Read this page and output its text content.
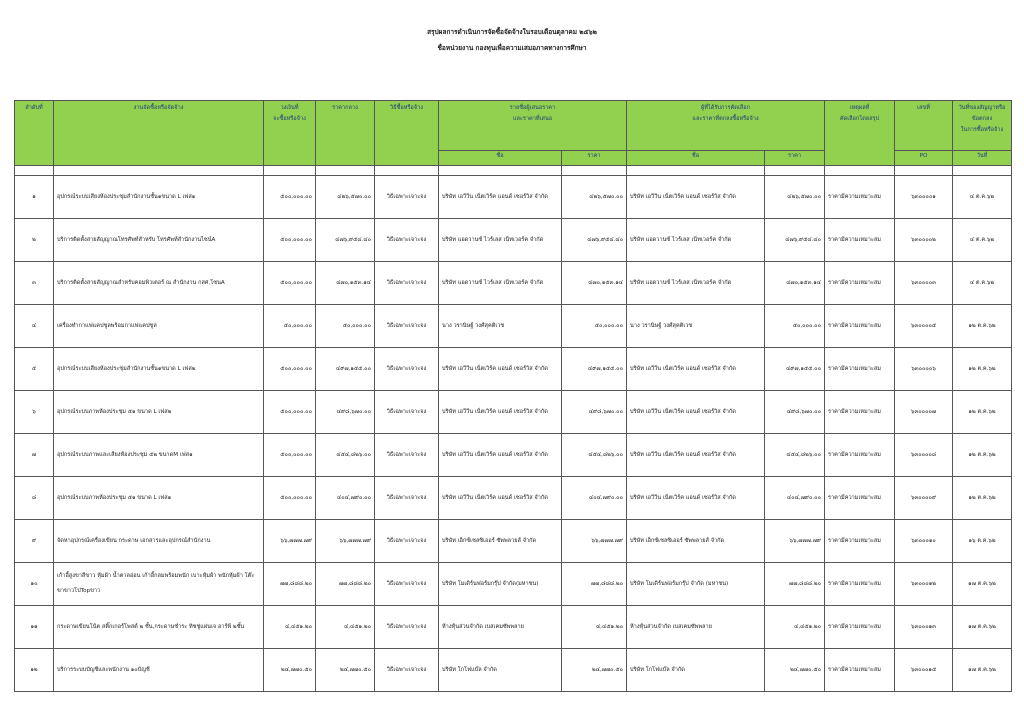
สรุปผลการดำเนินการจัดซื้อจัดจ้างในรอบเดือนตุลาคม ๒๕๖๒
ชื่อหน่วยงาน กองทุนเพื่อความเสมอภาคทางการศึกษา
ลำดับที่	งานจัดซื้อหรือจัดจ้าง	วงเงินที่
จะซื้อหรือจ้าง	ราคากลาง	วิธีซื้อหรือจ้าง	รายชื่อผู้เสนอราคา
และราคาที่เสนอ		ผู้ที่ได้รับการคัดเลือก
และราคาที่ตกลงซื้อหรือจ้าง		เหตุผลที่
คัดเลือกโดยสรุป	เลขที่	วันที่ของสัญญาหรือ
ข้อตกลง
ในการซื้อหรือจ้าง
					ชื่อ	ราคา	ชื่อ	ราคา		PO	วันที่

๑	อุปกรณ์ระบบเสียงห้องประชุมสำนักงานชั้น๑ขนาด L เฟส๑	๕๐๐,๐๐๐.๐๐	๔๒๖,๕๗๐.๐๐	วิธีเฉพาะเจาะจง	บริษัท เอวีวีน เน็ตเวิร์ค แอนด์ เซอร์วิส จำกัด	๔๒๖,๕๗๐.๐๐	บริษัท เอวีวีน เน็ตเวิร์ค แอนด์ เซอร์วิส จำกัด	๔๒๖,๕๗๐.๐๐	ราคามีความเหมาะสม	๖๓๐๐๐๐๑	๔ ต.ค.๖๒
๒	บริการติดตั้งสายสัญญาณโทรศัพท์สำหรับ โทรศัพท์สำนักงานไซน์A	๕๐๐,๐๐๐.๐๐	๔๗๖,๙๕๔.๔๐	วิธีเฉพาะเจาะจง	บริษัท แอดวานซ์ ไวร์เลส เน็ทเวอร์ค จำกัด	๔๗๖,๙๕๔.๔๐	บริษัท แอดวานซ์ ไวร์เลส เน็ทเวอร์ค จำกัด	๔๗๖,๙๕๔.๔๐	ราคามีความเหมาะสม	๖๓๐๐๐๐๒	๔ ต.ค.๖๒
๓	บริการติดตั้งสายสัญญาณสำหรับคอมพิวเตอร์ ณ สำนักงาน กสศ.โซนA	๕๐๐,๐๐๐.๐๐	๔๗๐,๑๕๓.๑๔	วิธีเฉพาะเจาะจง	บริษัท แอดวานซ์ ไวร์เลส เน็ทเวอร์ค จำกัด	๔๗๐,๑๕๓.๑๔	บริษัท แอดวานซ์ ไวร์เลส เน็ทเวอร์ค จำกัด	๔๗๐,๑๕๓.๑๔	ราคามีความเหมาะสม	๖๓๐๐๐๐๓	๔ ต.ค.๖๒
๔	เครื่องทำกาแฟแคปซูลพร้อมกาแฟแคปซูล	๕๐,๐๐๐.๐๐	๕๐,๐๐๐.๐๐	วิธีเฉพาะเจาะจง	นาง วรานิษฐ์ วงศ์สุคติเวช	๕๐,๐๐๐.๐๐	นาง วรานิษฐ์ วงศ์สุคติเวช	๕๐,๐๐๐.๐๐	ราคามีความเหมาะสม	๖๓๐๐๐๐๕	๑๒ ต.ค.๖๒
๕	อุปกรณ์ระบบเสียงห้องประชุมสำนักงานชั้น๑ขนาด L เฟส๒	๕๐๐,๐๐๐.๐๐	๔๙๗,๑๕๕.๐๐	วิธีเฉพาะเจาะจง	บริษัท เอวีวีน เน็ตเวิร์ค แอนด์ เซอร์วิส จำกัด	๔๙๗,๑๕๕.๐๐	บริษัท เอวีวีน เน็ตเวิร์ค แอนด์ เซอร์วิส จำกัด	๔๙๗,๑๕๕.๐๐	ราคามีความเหมาะสม	๖๓๐๐๐๐๖	๑๒ ต.ค.๖๒
๖	อุปกรณ์ระบบภาพห้องประชุม ๕๑ ขนาด L เฟส๒	๕๐๐,๐๐๐.๐๐	๔๙๘,๖๗๐.๐๐	วิธีเฉพาะเจาะจง	บริษัท เอวีวีน เน็ตเวิร์ค แอนด์ เซอร์วิส จำกัด	๔๙๘,๖๗๐.๐๐	บริษัท เอวีวีน เน็ตเวิร์ค แอนด์ เซอร์วิส จำกัด	๔๙๘,๖๗๐.๐๐	ราคามีความเหมาะสม	๖๓๐๐๐๐๗	๑๒ ต.ค.๖๒
๗	อุปกรณ์ระบบภาพและเสียงห้องประชุม ๕๒ ขนาดM เฟส๑	๕๐๐,๐๐๐.๐๐	๔๕๔,๘๒๖.๐๐	วิธีเฉพาะเจาะจง	บริษัท เอวีวีน เน็ตเวิร์ค แอนด์ เซอร์วิส จำกัด	๔๕๔,๘๒๖.๐๐	บริษัท เอวีวีน เน็ตเวิร์ค แอนด์ เซอร์วิส จำกัด	๔๕๔,๘๒๖.๐๐	ราคามีความเหมาะสม	๖๓๐๐๐๐๘	๑๒ ต.ค.๖๒
๘	อุปกรณ์ระบบภาพห้องประชุม ๕๑ ขนาด L เฟส๑	๕๐๐,๐๐๐.๐๐	๔๐๔,๗๙๐.๐๐	วิธีเฉพาะเจาะจง	บริษัท เอวีวีน เน็ตเวิร์ค แอนด์ เซอร์วิส จำกัด	๔๐๔,๗๙๐.๐๐	บริษัท เอวีวีน เน็ตเวิร์ค แอนด์ เซอร์วิส จำกัด	๔๐๔,๗๙๐.๐๐	ราคามีความเหมาะสม	๖๓๐๐๐๐๙	๑๒ ต.ค.๖๒
๙	จัดหาอุปกรณ์เครื่องเขียน กระดาษ เอกสารและอุปกรณ์สำนักงาน	๖๖,๗๗๗.๗๙	๖๖,๗๗๗.๗๙	วิธีเฉพาะเจาะจง	บริษัท เอ็กซ์เซลซิเออร์ ซัพพลายส์ จำกัด	๖๖,๗๗๗.๗๙	บริษัท เอ็กซ์เซลซิเออร์ ซัพพลายส์ จำกัด	๖๖,๗๗๗.๗๙	ราคามีความเหมาะสม	๖๓๐๐๐๑๐	๑๖ ต.ค.๖๒
๑๐	เก้าอี้สูงขาสีขาว หุ้มผ้า น้ำตาลอ่อน เก้าอี้กลมพร้อมพนัก เบาะหุ้มผ้า พนักหุ้มผ้า โต๊ะขาขาวโปTopขาว	๗๗,๘๘๘.๒๐	๗๗,๘๘๘.๒๐	วิธีเฉพาะเจาะจง	บริษัท โมเดิร์นฟอร์มกรุ๊ป จำกัด(มหาชน)	๗๗,๘๘๘.๒๐	บริษัท โมเดิร์นฟอร์มกรุ๊ป จำกัด (มหาชน)	๗๗,๘๘๘.๒๐	ราคามีความเหมาะสม	๖๓๐๐๐๑๒	๑๗ ต.ค.๖๒
๑๑	กระดาษเขียนโน้ต สติ๊กเกอร์โพสต์ ๒ ชั้น,กระดาษชำระ ทิชชู่แผ่นเจ อาร์พี ๒ชั้น	๔,๔๕๑.๒๐	๔,๔๕๑.๒๐	วิธีเฉพาะเจาะจง	ห้างหุ้นส่วนจำกัด เบสเคมซัพพลาย	๔,๔๕๑.๒๐	ห้างหุ้นส่วนจำกัด เบสเคมซัพพลาย	๔,๔๕๑.๒๐	ราคามีความเหมาะสม	๖๓๐๐๐๑๓	๑๗ ต.ค.๖๒
๑๒	บริการระบบบัญชีและพนักงาน ๑๐บัญชี	๒๔,๗๗๐.๕๐	๒๔,๗๗๐.๕๐	วิธีเฉพาะเจาะจง	บริษัท โกโฟแบ๊ล จำกัด	๒๔,๗๗๐.๕๐	บริษัท โกโฟแบ๊ล จำกัด	๒๔,๗๗๐.๕๐	ราคามีความเหมาะสม	๖๓๐๐๐๑๕	๑๗ ต.ค.๖๒
